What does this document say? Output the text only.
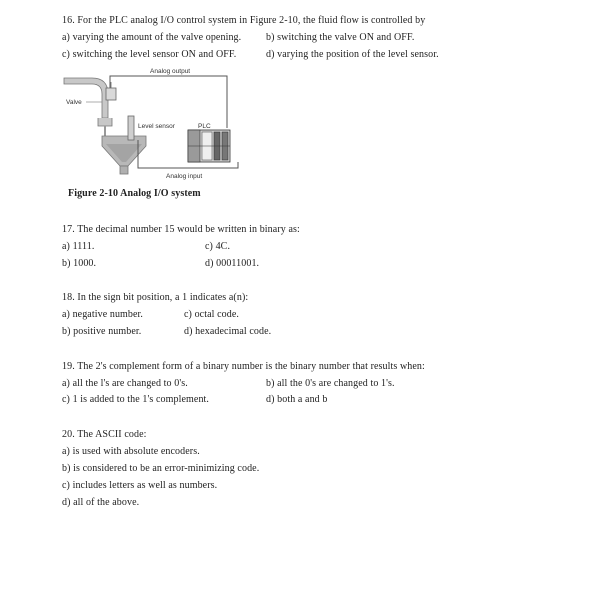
16. For the PLC analog I/O control system in Figure 2-10, the fluid flow is controlled by
a) varying the amount of the valve opening. b) switching the valve ON and OFF.
c) switching the level sensor ON and OFF.	d) varying the position of the level sensor.
Analog output
Valve
Level sensor
Analog input
PLC
Figure 2-10 Analog I/O system
17. The decimal number 15 would be written in binary as:
a) 1111.	c) 4C.
b) 1000.	d) 00011001.
18. In the sign bit position, a 1 indicates a(n):
a) negative number.	c) octal code.
b) positive number.	d) hexadecimal code.
19. The 2's complement form of a binary number is the binary number that results when:
a) all the l's are changed to 0's.	b) all the 0's are changed to 1's.
c) 1 is added to the 1's complement.	d) both a and b
20. The ASCII code:
a) is used with absolute encoders.
b) is considered to be an error-minimizing code.
c) includes letters as well as numbers.
d) all of the above.
